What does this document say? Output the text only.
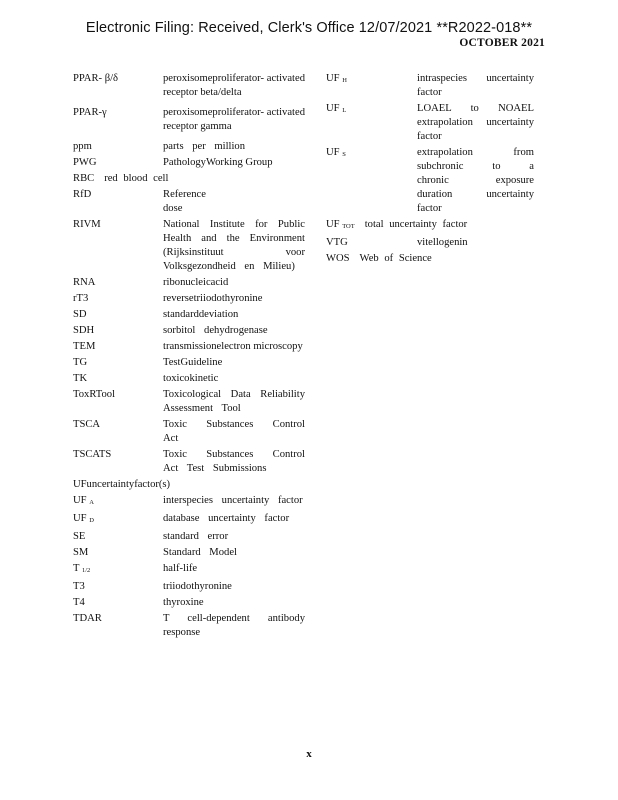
Electronic Filing: Received, Clerk's Office 12/07/2021 **R2022-018**
OCTOBER 2021
PPAR- β/δ	peroxisomeproliferator- activated receptor beta/delta
PPAR-γ	peroxisomeproliferator- activated receptor gamma
ppm	parts per million
PWG	PathologyWorking Group
RBC red blood cell
RfD	Reference dose
RIVM	National Institute for Public Health and the Environment (Rijksinstituut voor Volksgezondheid en Milieu)
RNA	ribonucleicacid
rT3	reversetriiodothyronine
SD	standarddeviation
SDH	sorbitol dehydrogenase
TEM	transmissionelectron microscopy
TG	TestGuideline
TK	toxicokinetic
ToxRTool	Toxicological Data Reliability Assessment Tool
TSCA	Toxic Substances Control Act
TSCATS	Toxic Substances Control Act Test Submissions
UFuncertaintyfactor(s)
UF $_A$	interspecies uncertainty factor
UF $_D$	database uncertainty factor
SE	standard error
SM	Standard Model
T $_{1/2}$	half-life
T3	triiodothyronine
T4	thyroxine
TDAR	T cell-dependent antibody response
UF $_H$	intraspecies uncertainty factor
UF $_L$	LOAEL to NOAEL extrapolation uncertainty factor
UF $_S$	extrapolation from subchronic to a chronic exposure duration uncertainty factor
UF $_{TOT}$ total uncertainty factor
VTG	vitellogenin
WOS Web of Science
x
